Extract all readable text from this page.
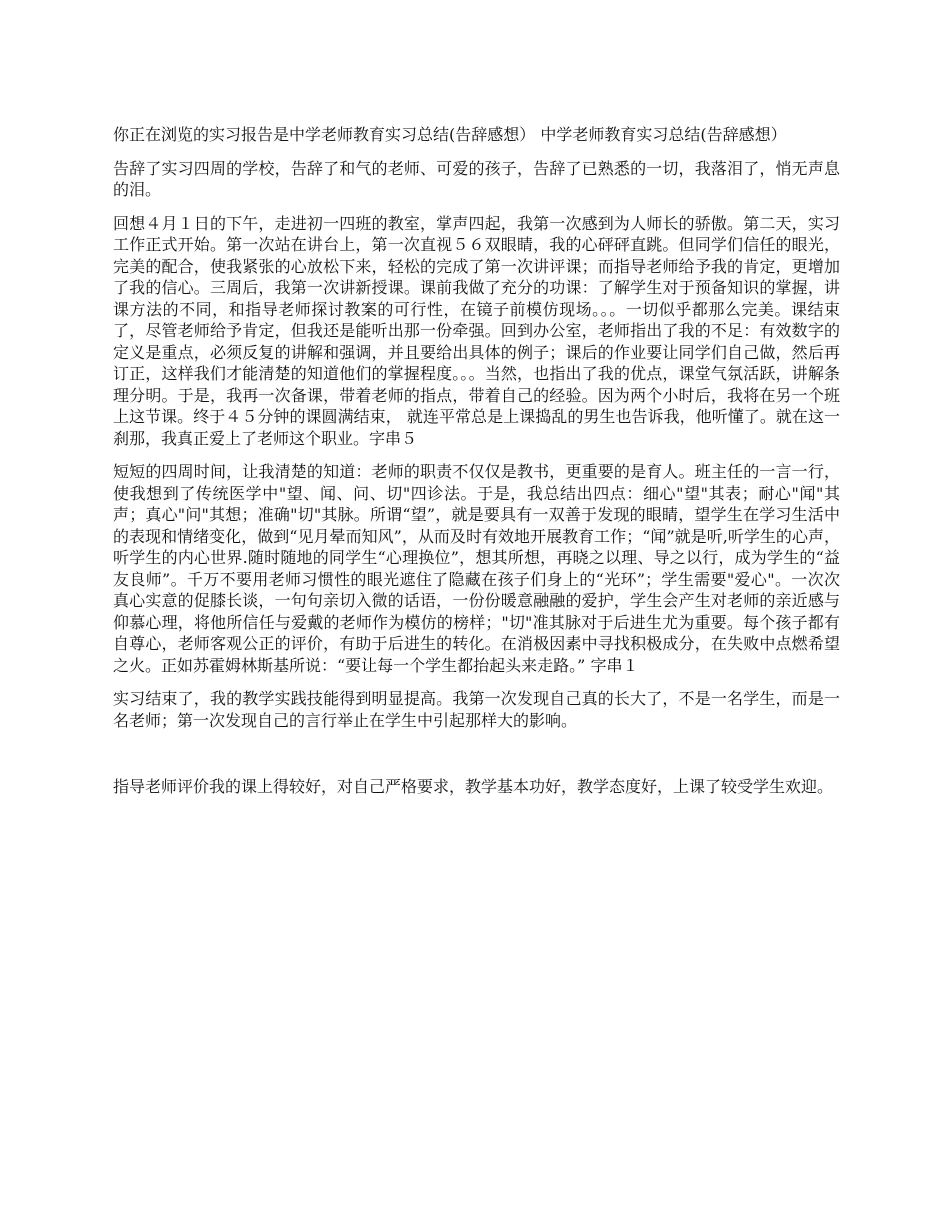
你正在浏览的实习报告是中学老师教育实习总结(告辞感想） 中学老师教育实习总结(告辞感想）

告辞了实习四周的学校，告辞了和气的老师、可爱的孩子，告辞了已熟悉的一切，我落泪了，悄无声息的泪。

回想４月１日的下午，走进初一四班的教室，掌声四起，我第一次感到为人师长的骄傲。第二天，实习工作正式开始。第一次站在讲台上，第一次直视５６双眼睛，我的心砰砰直跳。但同学们信任的眼光，完美的配合，使我紧张的心放松下来，轻松的完成了第一次讲评课；而指导老师给予我的肯定，更增加了我的信心。三周后，我第一次讲新授课。课前我做了充分的功课：了解学生对于预备知识的掌握，讲课方法的不同，和指导老师探讨教案的可行性，在镜子前模仿现场。。。一切似乎都那么完美。课结束了，尽管老师给予肯定，但我还是能听出那一份牵强。回到办公室，老师指出了我的不足：有效数字的定义是重点，必须反复的讲解和强调，并且要给出具体的例子；课后的作业要让同学们自己做，然后再订正，这样我们才能清楚的知道他们的掌握程度。。。当然，也指出了我的优点，课堂气氛活跃，讲解条理分明。于是，我再一次备课，带着老师的指点，带着自己的经验。因为两个小时后，我将在另一个班上这节课。终于４５分钟的课圆满结束， 就连平常总是上课捣乱的男生也告诉我，他听懂了。就在这一刹那，我真正爱上了老师这个职业。字串５

短短的四周时间，让我清楚的知道：老师的职责不仅仅是教书，更重要的是育人。班主任的一言一行，使我想到了传统医学中"望、闻、问、切"四诊法。于是，我总结出四点：细心"望"其表；耐心"闻"其声；真心"问"其想；准确"切"其脉。所谓“望”，就是要具有一双善于发现的眼睛，望学生在学习生活中的表现和情绪变化，做到“见月晕而知风”，从而及时有效地开展教育工作；“闻”就是听,听学生的心声，听学生的内心世界.随时随地的同学生“心理换位”，想其所想，再晓之以理、导之以行，成为学生的“益友良师”。千万不要用老师习惯性的眼光遮住了隐藏在孩子们身上的“光环”；学生需要"爱心"。一次次真心实意的促膝长谈，一句句亲切入微的话语，一份份暖意融融的爱护，学生会产生对老师的亲近感与仰慕心理，将他所信任与爱戴的老师作为模仿的榜样；"切"准其脉对于后进生尤为重要。每个孩子都有自尊心，老师客观公正的评价，有助于后进生的转化。在消极因素中寻找积极成分，在失败中点燃希望之火。正如苏霍姆林斯基所说：“要让每一个学生都抬起头来走路。” 字串１

实习结束了，我的教学实践技能得到明显提高。我第一次发现自己真的长大了，不是一名学生，而是一名老师；第一次发现自己的言行举止在学生中引起那样大的影响。

指导老师评价我的课上得较好，对自己严格要求，教学基本功好，教学态度好，上课了较受学生欢迎。
